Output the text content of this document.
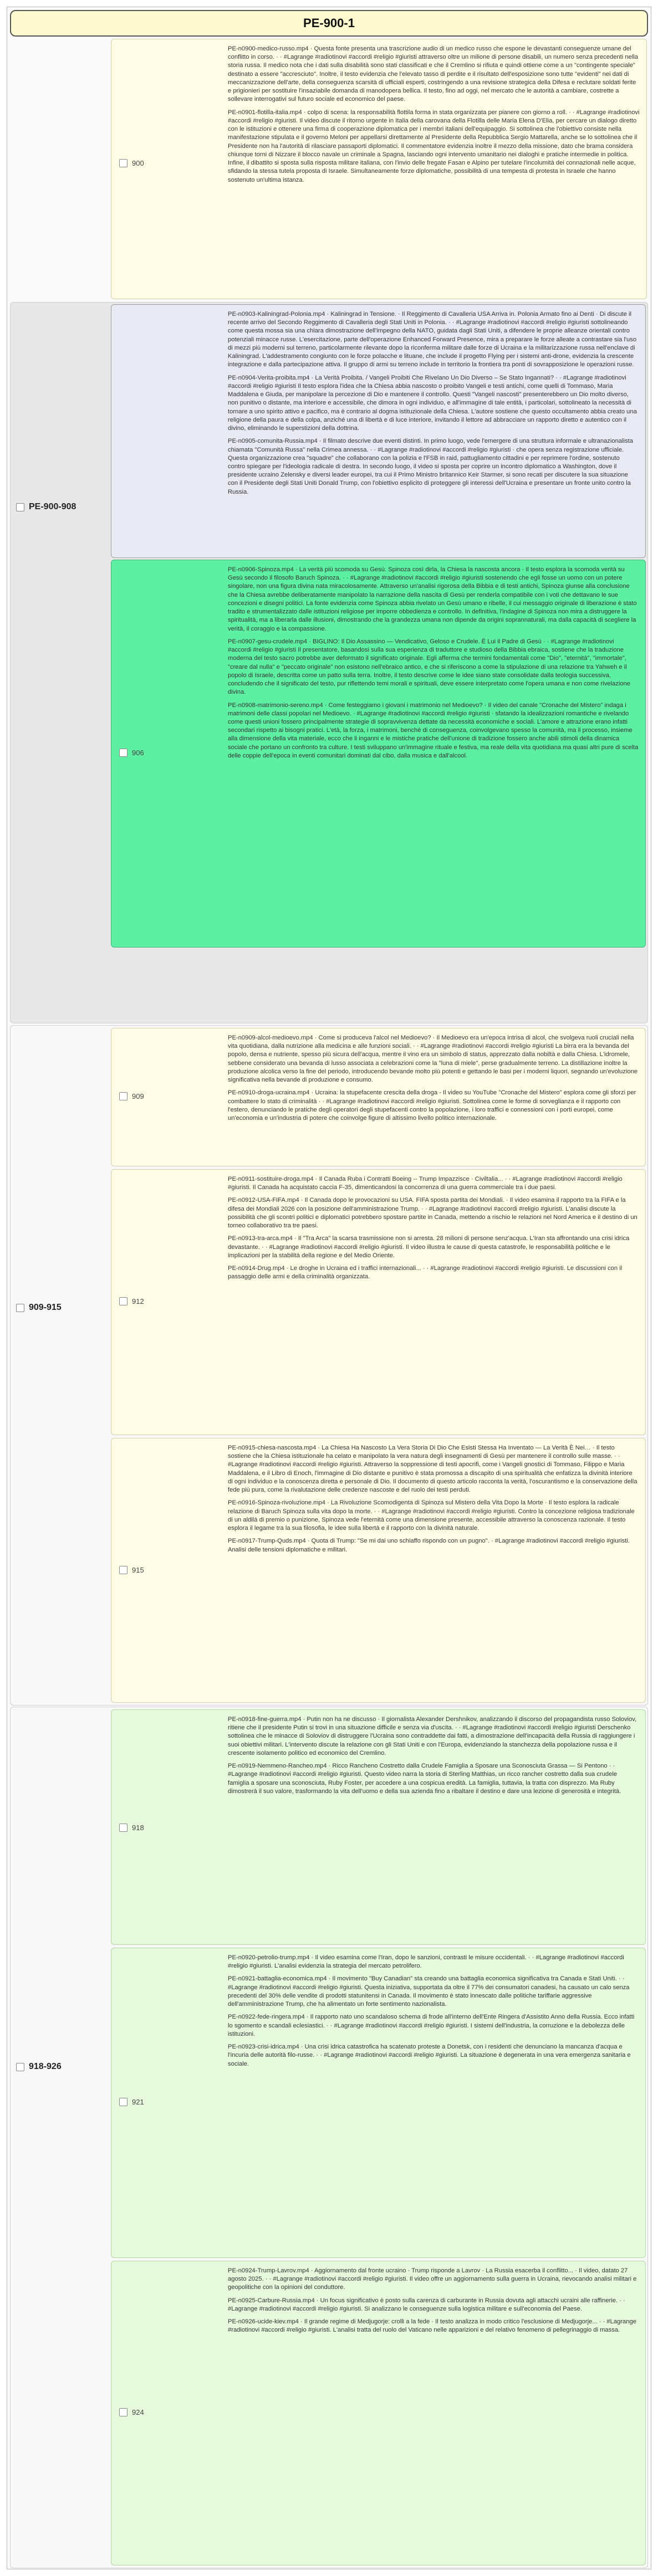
PE-900-1
PE-900-908
909-915
918-926
900

PE-n0900-medico-russo.mp4 · Questa fonte presenta una trascrizione audio di un medico russo che espone le devastanti conseguenze umane del conflitto in corso. · · #Lagrange #radiotinovi #accordi #religio #giuristi attraverso oltre un milione di persone disabili, un numero senza precedenti nella storia russa. Il medico nota che i dati sulla disabilità sono stati classificati e che il Cremlino si rifiuta e quindi ottiene come a un "contingente speciale" destinato a essere "accresciuto". Inoltre, il testo evidenzia che l'elevato tasso di perdite e il risultato dell'esposizione sono tutte "evidenti" nei dati di meccanizzazione dell'arte, della conseguenza scarsità di ufficiali esperti, costringendo a una revisione strategica della Difesa e reclutare soldati ferite e prigionieri per sostituire l'insaziabile domanda di manodopera bellica. Il testo, fino ad oggi, nel mercato che le autorità a cambiare, costrette a sollevare interrogativi sul futuro sociale ed economico del paese.

PE-n0901-flotilla-italia.mp4 · colpo di scena: la responsabilità flottila forma in stata organizzata per pianere con giorno a roll. · · #Lagrange #radiotinovi #accordi #religio #giuristi. Il video discute il ritorno urgente in Italia della carovana della Flotilla delle Maria Elena D'Elia, per cercare un dialogo diretto con le istituzioni e ottenere una firma di cooperazione diplomatica per i membri italiani dell'equipaggio. Si sottolinea che l'obiettivo consiste nella manifestazione stipulata e il governo Meloni per appellarsi direttamente al Presidente della Repubblica Sergio Mattarella, anche se lo sottolinea che il Presidente non ha l'autorità di rilasciare passaporti diplomatici. Il commentatore evidenzia inoltre il mezzo della missione, dato che brama considera chiunque torni di Nizzare il blocco navale un criminale a Spagna, lasciando ogni intervento umanitario nei dialoghi e pratiche intermedie in politica. Infine, il dibattito si sposta sulla risposta militare italiana, con l'invio delle fregate Fasan e Alpino per tutelare l'incolumità dei connazionali nelle acque, sfidando la stessa tutela proposta di Israele. Simultaneamente forze diplomatiche, possibilità di una tempesta di protesta in Israele che hanno sostenuto un'ultima istanza.

PE-n0903-Kaliningrad-Polonia.mp4 · Kaliningrad in Tensione. · Il Reggimento di Cavalleria USA Arriva in. Polonia Armato fino ai Denti · Di discute il recente arrivo del Secondo Reggimento di Cavalleria degli Stati Uniti in Polonia. · · #Lagrange #radiotinovi #accordi #religio #giuristi sottolineando come questa mossa sia una chiara dimostrazione dell'impegno della NATO, guidata dagli Stati Uniti, a difendere le proprie alleanze orientali contro potenziali minacce russe. L'esercitazione, parte dell'operazione Enhanced Forward Presence, mira a preparare le forze alleate a contrastare sia l'uso di mezzi più moderni sul terreno, particolarmente rilevante dopo la riconferma militare dalle forze di Ucraina e la militarizzazione russa nell'enclave di Kaliningrad. L'addestramento congiunto con le forze polacche e lituane, che include il progetto Flying per i sistemi anti-drone, evidenzia la crescente integrazione e dalla partecipazione attiva. Il gruppo di armi su terreno include in territorio la frontiera tra ponti di sovrapposizione le operazioni russe.

PE-n0904-Verita-proibita.mp4 · La Verità Proibita. / Vangeli Proibiti Che Rivelano Un Dio Diverso – Se Stato Ingannati? · · #Lagrange #radiotinovi #accordi #religio #giuristi Il testo esplora l'idea che la Chiesa abbia nascosto o proibito Vangeli e testi antichi, come quelli di Tommaso, Maria Maddalena e Giuda, per manipolare la percezione di Dio e mantenere il controllo. Questi "Vangeli nascosti" presenterebbero un Dio molto diverso, non punitivo o distante, ma interiore e accessibile, che dimora in ogni individuo, e all'immagine di tale entità, i particolari, sottolineato la necessità di tornare a uno spirito attivo e pacifico, ma è contrario al dogma istituzionale della Chiesa. L'autore sostiene che questo occultamento abbia creato una religione della paura e della colpa, anziché una di libertà e di luce interiore, invitando il lettore ad abbracciare un rapporto diretto e autentico con il divino, eliminando le superstizioni della dottrina.

PE-n0905-comunita-Russia.mp4 · Il filmato descrive due eventi distinti. In primo luogo, vede l'emergere di una struttura informale e ultranazionalista chiamata "Comunità Russa" nella Crimea annessa. · · #Lagrange #radiotinovi #accordi #religio #giuristi · che opera senza registrazione ufficiale. Questa organizzazione crea "squadre" che collaborano con la polizia e l'FSB in raid, pattugliamento cittadini e per reprimere l'ordine, sostenuto contro spiegare per l'ideologia radicale di destra. In secondo luogo, il video si sposta per coprire un incontro diplomatico a Washington, dove il presidente ucraino Zelensky e diversi leader europei, tra cui il Primo Ministro britannico Keir Starmer, si sono recati per discutere la sua situazione con il Presidente degli Stati Uniti Donald Trump, con l'obiettivo esplicito di proteggere gli interessi dell'Ucraina e presentare un fronte unito contro la Russia.

906

PE-n0906-Spinoza.mp4 · La verità più scomoda su Gesù. Spinoza così dirla, la Chiesa la nascosta ancora · Il testo esplora la scomoda verità su Gesù secondo il filosofo Baruch Spinoza. · · #Lagrange #radiotinovi #accordi #religio #giuristi sostenendo che egli fosse un uomo con un potere singolare, non una figura divina nata miracolosamente. Attraverso un'analisi rigorosa della Bibbia e di testi antichi, Spinoza giunse alla conclusione che la Chiesa avrebbe deliberatamente manipolato la narrazione della nascita di Gesù per renderla compatibile con i voti che dettavano le sue concezioni e disegni politici. La fonte evidenzia come Spinoza abbia rivelato un Gesù umano e ribelle, il cui messaggio originale di liberazione è stato tradito e strumentalizzato dalle istituzioni religiose per imporre obbedienza e controllo. In definitiva, l'indagine di Spinoza non mira a distruggere la spiritualità, ma a liberarla dalle illusioni, dimostrando che la grandezza umana non dipende da origini soprannaturali, ma dalla capacità di scegliere la verità, il coraggio e la compassione.

PE-n0907-gesu-crudele.mp4 · BIGLINO: Il Dio Assassino — Vendicativo, Geloso e Crudele. È Lui il Padre di Gesù · · #Lagrange #radiotinovi #accordi #religio #giuristi Il presentatore, basandosi sulla sua esperienza di traduttore e studioso della Bibbia ebraica, sostiene che la traduzione moderna del testo sacro potrebbe aver deformato il significato originale. Egli afferma che termini fondamentali come "Dio", "eternità", "immortale", "creare dal nulla" e "peccato originale" non esistono nell'ebraico antico, e che si riferiscono a come la stipulazione di una relazione tra Yahweh e il popolo di Israele, descritta come un patto sulla terra. Inoltre, il testo descrive come le idee siano state consolidate dalla teologia successiva, concludendo che il significato del testo, pur riflettendo temi morali e spirituali, deve essere interpretato come l'opera umana e non come rivelazione divina.

PE-n0908-matrimonio-sereno.mp4 · Come festeggiamo i giovani i matrimonio nel Medioevo? · Il video del canale "Cronache del Mistero" indaga i matrimoni delle classi popolari nel Medioevo. · #Lagrange #radiotinovi #accordi #religio #giuristi · sfatando la idealizzazioni romantiche e rivelando come questi unioni fossero principalmente strategie di sopravvivenza dettate da necessità economiche e sociali. L'amore e attrazione erano infatti secondari rispetto ai bisogni pratici. L'età, la forza, i matrimoni, benché di conseguenza, coinvolgevano spesso la comunità, ma il processo, insieme alla dimensione della vita materiale, ecco che li inganni e le mistiche pratiche dell'unione di tradizione fossero anche abili stimoli della dinamica sociale che portano un confronto tra culture. I testi sviluppano un'immagine rituale e festiva, ma reale della vita quotidiana ma quasi altri pure di scelta delle coppie dell'epoca in eventi comunitari dominati dal cibo, dalla musica e dall'alcool.

909

PE-n0909-alcol-medioevo.mp4 · Come si produceva l'alcol nel Medioevo? · Il Medioevo era un'epoca intrisa di alcol, che svolgeva ruoli cruciali nella vita quotidiana, dalla nutrizione alla medicina e alle funzioni sociali. · · #Lagrange #radiotinovi #accordi #religio #giuristi La birra era la bevanda del popolo, densa e nutriente, spesso più sicura dell'acqua, mentre il vino era un simbolo di status, apprezzato dalla nobiltà e dalla Chiesa. L'idromele, sebbene considerato una bevanda di lusso associata a celebrazioni come la "luna di miele", perse gradualmente terreno. La distillazione inoltre la produzione alcolica verso la fine del periodo, introducendo bevande molto più potenti e gettando le basi per i moderni liquori, segnando un'evoluzione significativa nella bevande di produzione e consumo.

PE-n0910-droga-ucraina.mp4 · Ucraina: la stupefacente crescita della droga - Il video su YouTube "Cronache del Mistero" esplora come gli sforzi per combattere lo stato di criminalità · · #Lagrange #radiotinovi #accordi #religio #giuristi. Sottolinea come le forme di sorveglianza e il rapporto con l'estero, denunciando le pratiche degli operatori degli stupefacenti contro la popolazione, i loro traffici e connessioni con i porti europei, come un'economia e un'industria di potere che coinvolge figure di altissimo livello politico internazionale.

912

PE-n0911-sostituire-droga.mp4 · Il Canada Ruba i Contratti Boeing -- Trump Impazzisce · Civiltalia... · · #Lagrange #radiotinovi #accordi #religio #giuristi. Il Canada ha acquistato caccia F-35, dimenticandosi la concorrenza di una guerra commerciale tra i due paesi.

PE-n0912-USA-FIFA.mp4 · Il Canada dopo le provocazioni su USA. FIFA sposta partita dei Mondiali. · Il video esamina il rapporto tra la FIFA e la difesa dei Mondiali 2026 con la posizione dell'amministrazione Trump. · · #Lagrange #radiotinovi #accordi #religio #giuristi. L'analisi discute la possibilità che gli scontri politici e diplomatici potrebbero spostare partite in Canada, mettendo a rischio le relazioni nel Nord America e il destino di un torneo collaborativo tra tre paesi.

PE-n0913-tra-arca.mp4 · Il "Tra Arca" la scarsa trasmissione non si arresta. 28 milioni di persone senz'acqua. L'Iran sta affrontando una crisi idrica devastante. · · #Lagrange #radiotinovi #accordi #religio #giuristi. Il video illustra le cause di questa catastrofe, le responsabilità politiche e le implicazioni per la stabilità della regione e del Medio Oriente.

PE-n0914-Drug.mp4 · Le droghe in Ucraina ed i traffici internazionali... · · #Lagrange #radiotinovi #accordi #religio #giuristi. Le discussioni con il passaggio delle armi e della criminalità organizzata.

915

PE-n0915-chiesa-nascosta.mp4 · La Chiesa Ha Nascosto La Vera Storia Di Dio Che Esisti Stessa Ha Inventato — La Verità È Nei… · Il testo sostiene che la Chiesa istituzionale ha celato e manipolato la vera natura degli insegnamenti di Gesù per mantenere il controllo sulle masse. · · #Lagrange #radiotinovi #accordi #religio #giuristi. Attraverso la soppressione di testi apocrifi, come i Vangeli gnostici di Tommaso, Filippo e Maria Maddalena, e il Libro di Enoch, l'immagine di Dio distante e punitivo è stata promossa a discapito di una spiritualità che enfatizza la divinità interiore di ogni individuo e la conoscenza diretta e personale di Dio. Il documento di questo articolo racconta la verità, l'oscurantismo e la conservazione della fede più pura, come la rivalutazione delle credenze nascoste e del ruolo dei testi perduti.

PE-n0916-Spinoza-rivoluzione.mp4 · La Rivoluzione Scomodigenta di Spinoza sul Mistero della Vita Dopo la Morte · Il testo esplora la radicale relazione di Baruch Spinoza sulla vita dopo la morte. · · #Lagrange #radiotinovi #accordi #religio #giuristi. Contro la concezione religiosa tradizionale di un aldilà di premio o punizione, Spinoza vede l'eternità come una dimensione presente, accessibile attraverso la conoscenza razionale. Il testo esplora il legame tra la sua filosofia, le idee sulla libertà e il rapporto con la divinità naturale.

PE-n0917-Trump-Quds.mp4 · Quota di Trump: "Se mi dai uno schiaffo rispondo con un pugno". · #Lagrange #radiotinovi #accordi #religio #giuristi. Analisi delle tensioni diplomatiche e militari.

918

PE-n0918-fine-guerra.mp4 · Putin non ha ne discusso · Il giornalista Alexander Dershnikov, analizzando il discorso del propagandista russo Soloviov, ritiene che il presidente Putin si trovi in una situazione difficile e senza via d'uscita. · · #Lagrange #radiotinovi #accordi #religio #giuristi Derschenko sottolinea che le minacce di Soloviov di distruggere l'Ucraina sono contraddette dai fatti, a dimostrazione dell'incapacità della Russia di raggiungere i suoi obiettivi militari. L'intervento discute la relazione con gli Stati Uniti e con l'Europa, evidenziando la stanchezza della popolazione russa e il crescente isolamento politico ed economico del Cremlino.

PE-n0919-Nemmeno-Rancheo.mp4 · Ricco Rancheno Costretto dalla Crudele Famiglia a Sposare una Sconosciuta Grassa — Si Pentono · · #Lagrange #radiotinovi #accordi #religio #giuristi. Questo video narra la storia di Sterling Matthias, un ricco rancher costretto dalla sua crudele famiglia a sposare una sconosciuta, Ruby Foster, per accedere a una cospicua eredità. La famiglia, tuttavia, la tratta con disprezzo. Ma Ruby dimostrerà il suo valore, trasformando la vita dell'uomo e della sua azienda fino a ribaltare il destino e dare una lezione di generosità e integrità.

921

PE-n0920-petrolio-trump.mp4 · Il video esamina come l'Iran, dopo le sanzioni, contrasti le misure occidentali. · · #Lagrange #radiotinovi #accordi #religio #giuristi. L'analisi evidenzia la strategia del mercato petrolifero.

PE-n0921-battaglia-economica.mp4 · Il movimento "Buy Canadian" sta creando una battaglia economica significativa tra Canada e Stati Uniti. · · #Lagrange #radiotinovi #accordi #religio #giuristi. Questa iniziativa, supportata da oltre il 77% dei consumatori canadesi, ha causato un calo senza precedenti del 30% delle vendite di prodotti statunitensi in Canada. Il movimento è stato innescato dalle politiche tariffarie aggressive dell'amministrazione Trump, che ha alimentato un forte sentimento nazionalista.

PE-n0922-fede-ringera.mp4 · Il rapporto nato uno scandaloso schema di frode all'interno dell'Ente Ringera d'Assistito Anno della Russia. Ecco infatti lo sgomento e scandali eclesiastici. · · #Lagrange #radiotinovi #accordi #religio #giuristi. I sistemi dell'industria, la corruzione e la debolezza delle istituzioni.

PE-n0923-crisi-idrica.mp4 · Una crisi idrica catastrofica ha scatenato proteste a Donetsk, con i residenti che denunciano la mancanza d'acqua e l'incuria delle autorità filo-russe. · · #Lagrange #radiotinovi #accordi #religio #giuristi. La situazione è degenerata in una vera emergenza sanitaria e sociale.

924

PE-n0924-Trump-Lavrov.mp4 · Aggiornamento dal fronte ucraino · Trump risponde a Lavrov · La Russia esacerba il conflitto... · Il video, datato 27 agosto 2025. · · #Lagrange #radiotinovi #accordi #religio #giuristi. Il video offre un aggiornamento sulla guerra in Ucraina, rievocando analisi militari e geopolitiche con la opinioni del conduttore.

PE-n0925-Carbure-Russia.mp4 · Un focus significativo è posto sulla carenza di carburante in Russia dovuta agli attacchi ucraini alle raffinerie. · · #Lagrange #radiotinovi #accordi #religio #giuristi. Si analizzano le conseguenze sulla logistica militare e sull'economia del Paese.

PE-n0926-ucide-kiev.mp4 · Il grande regime di Medjugorje: crolli a la fede · Il testo analizza in modo critico l'esclusione di Medjugorje... · · #Lagrange #radiotinovi #accordi #religio #giuristi. L'analisi tratta del ruolo del Vaticano nelle apparizioni e del relativo fenomeno di pellegrinaggio di massa.
